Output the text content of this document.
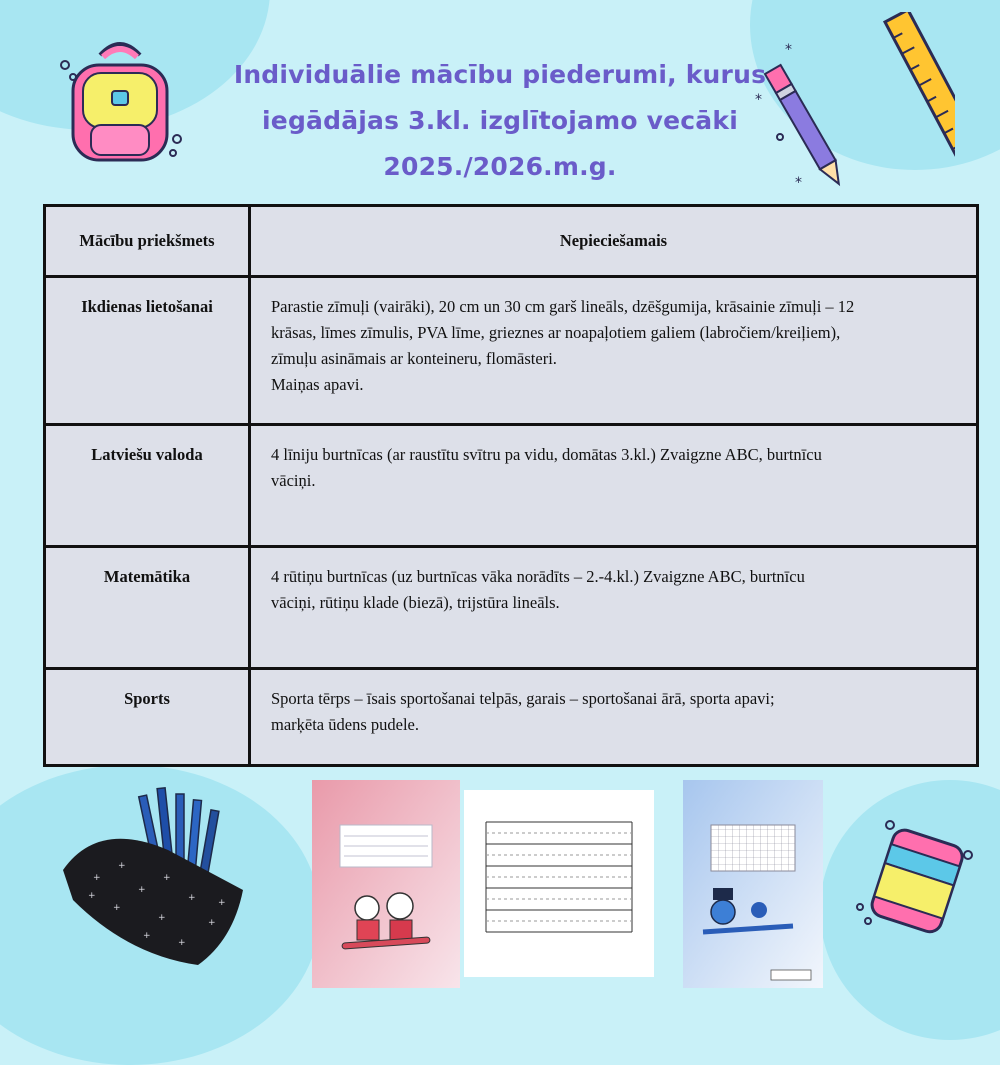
*
*
*
Individuālie mācību piederumi, kurus
iegādājas 3.kl. izglītojamo vecāki
2025./2026.m.g.
Mācību priekšmets	Nepieciešamais
Ikdienas lietošanai	Parastie zīmuļi (vairāki), 20 cm un 30 cm garš lineāls, dzēšgumija, krāsainie zīmuļi – 12
krāsas, līmes zīmulis, PVA līme, grieznes ar noapaļotiem galiem (labročiem/kreiļiem),
zīmuļu asināmais ar konteineru, flomāsteri.
Maiņas apavi.

Latviešu valoda	4 līniju burtnīcas (ar raustītu svītru pa vidu, domātas 3.kl.) Zvaigzne ABC, burtnīcu
vāciņi.

Matemātika	4 rūtiņu burtnīcas (uz burtnīcas vāka norādīts – 2.-4.kl.) Zvaigzne ABC, burtnīcu
vāciņi, rūtiņu klade (biezā), trijstūra lineāls.

Sports	Sporta tērps – īsais sportošanai telpās, garais – sportošanai ārā, sporta apavi;
marķēta ūdens pudele.
+
+
+
+
+
+
+	+
+
+
+
+
